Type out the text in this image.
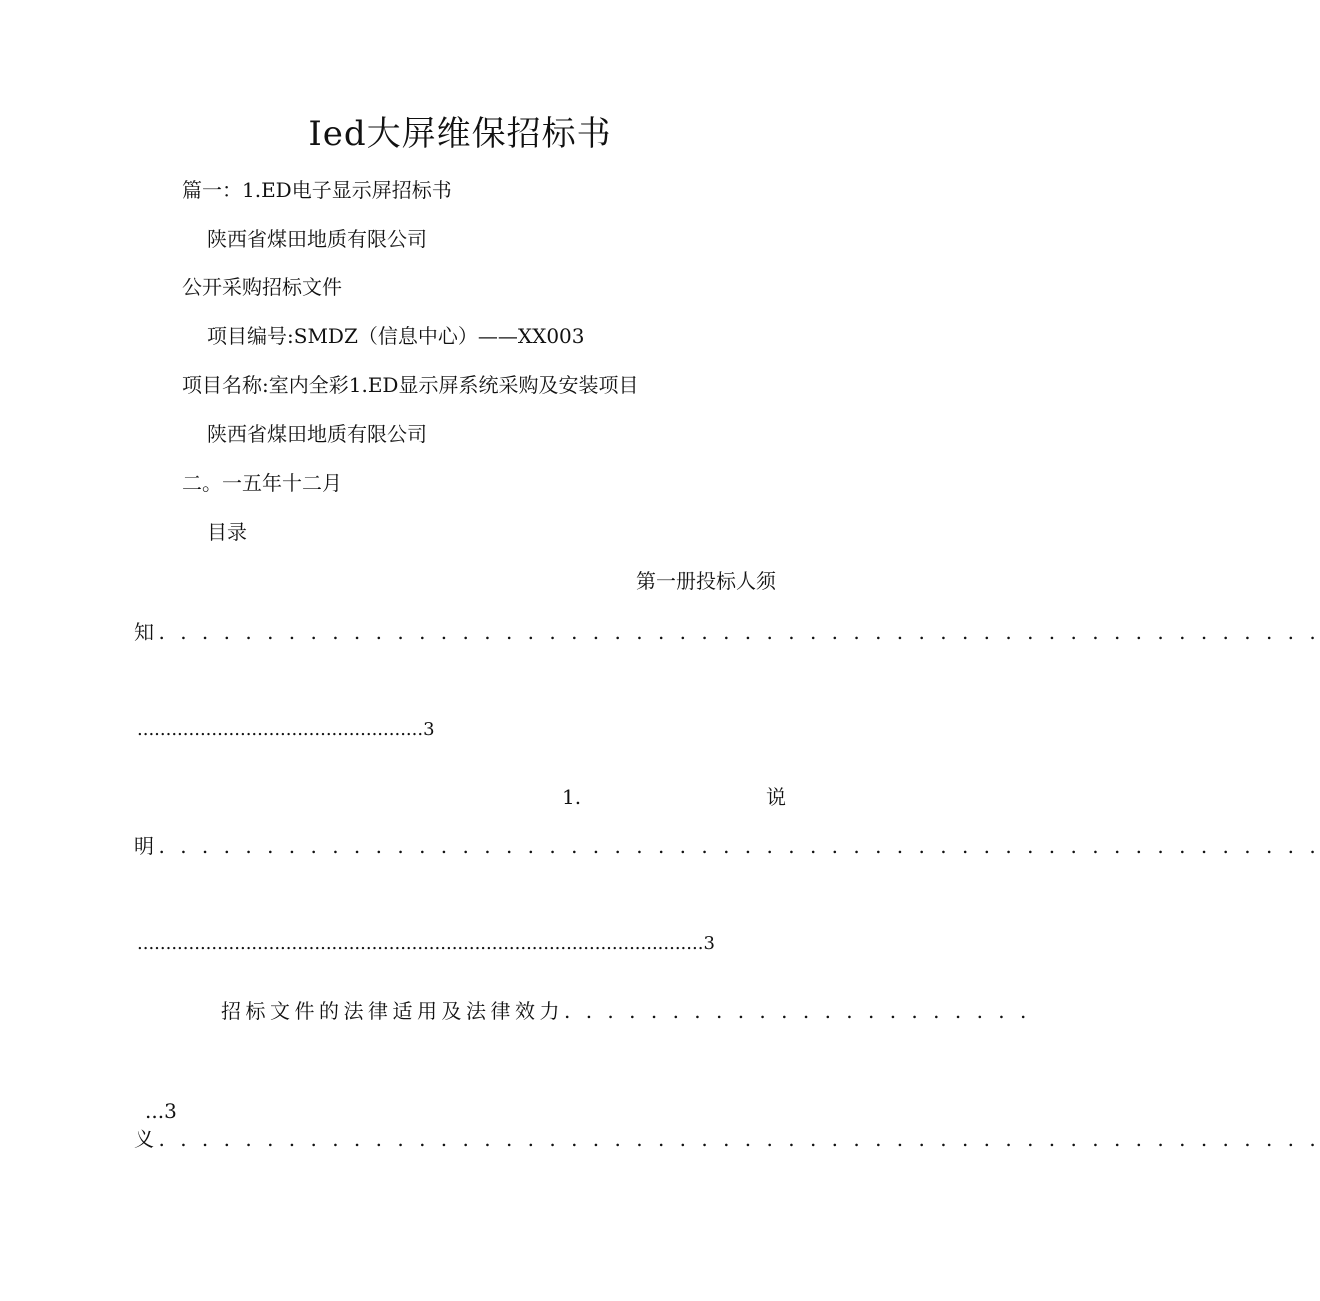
Ied大屏维保招标书
篇一：1.ED电子显示屏招标书
陕西省煤田地质有限公司
公开采购招标文件
项目编号:SMDZ（信息中心）——XX003
项目名称:室内全彩1.ED显示屏系统采购及安装项目
陕西省煤田地质有限公司
二。一五年十二月
目录
第一册投标人须
知. . . . . . . . . . . . . . . . . . . . . . . . . . . . . . . . . . . . . . . . . . . . . . . . . . . . . .
..................................................3
1.	说
明. . . . . . . . . . . . . . . . . . . . . . . . . . . . . . . . . . . . . . . . . . . . . . . . . . . . . .
...................................................................................................3
招标文件的法律适用及法律效力. . . . . . . . . . . . . . . . . . . . . .
...3
义. . . . . . . . . . . . . . . . . . . . . . . . . . . . . . . . . . . . . . . . . . . . . . . . . . . . . .
